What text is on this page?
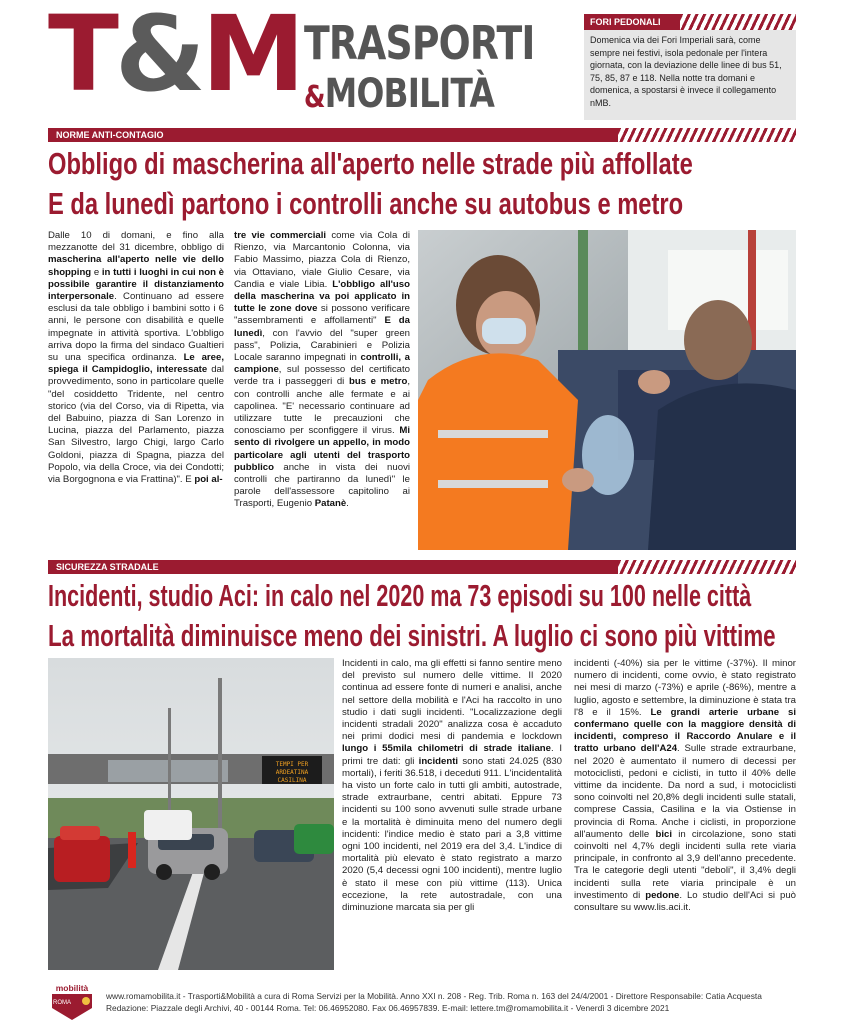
T&M TRASPORTI
&MOBILITÀ
FORI PEDONALI
Domenica via dei Fori Imperiali sarà, come sempre nei festivi, isola pedonale per l'intera giornata, con la deviazione delle linee di bus 51, 75, 85, 87 e 118. Nella notte tra domani e domenica, a spostarsi è invece il collegamento nMB.
NORME ANTI-CONTAGIO
Obbligo di mascherina all'aperto nelle strade più affollate
E da lunedì partono i controlli anche su autobus e metro
Dalle 10 di domani, e fino alla mezzanotte del 31 dicembre, obbligo di mascherina all'aperto nelle vie dello shopping e in tutti i luoghi in cui non è possibile garantire il distanziamento interpersonale. Continuano ad essere esclusi da tale obbligo i bambini sotto i 6 anni, le persone con disabilità e quelle impegnate in attività sportiva. L'obbligo arriva dopo la firma del sindaco Gualtieri su una specifica ordinanza. Le aree, spiega il Campidoglio, interessate dal provvedimento, sono in particolare quelle "del cosiddetto Tridente, nel centro storico (via del Corso, via di Ripetta, via del Babuino, piazza di San Lorenzo in Lucina, piazza del Parlamento, piazza San Silvestro, largo Chigi, largo Carlo Goldoni, piazza di Spagna, piazza del Popolo, via della Croce, via dei Condotti; via Borgognona e via Frattina)". E poi al-
tre vie commerciali come via Cola di Rienzo, via Marcantonio Colonna, via Fabio Massimo, piazza Cola di Rienzo, via Ottaviano, viale Giulio Cesare, via Candia e viale Libia. L'obbligo all'uso della mascherina va poi applicato in tutte le zone dove si possono verificare "assembramenti e affollamenti" E da lunedì, con l'avvio del "super green pass", Polizia, Carabinieri e Polizia Locale saranno impegnati in controlli, a campione, sul possesso del certificato verde tra i passeggeri di bus e metro, con controlli anche alle fermate e ai capolinea. "E' necessario continuare ad utilizzare tutte le precauzioni che conosciamo per sconfiggere il virus. Mi sento di rivolgere un appello, in modo particolare agli utenti del trasporto pubblico anche in vista dei nuovi controlli che partiranno da lunedì" le parole dell'assessore capitolino ai Trasporti, Eugenio Patanè.
SICUREZZA STRADALE
Incidenti, studio Aci: in calo nel 2020 ma 73 episodi su 100 nelle città
La mortalità diminuisce meno dei sinistri. A luglio ci sono più vittime
TEMPI PER
ARDEATINA
CASILINA
Incidenti in calo, ma gli effetti si fanno sentire meno del previsto sul numero delle vittime. Il 2020 continua ad essere fonte di numeri e analisi, anche nel settore della mobilità e l'Aci ha raccolto in uno studio i dati sugli incidenti. "Localizzazione degli incidenti stradali 2020" analizza cosa è accaduto nei primi dodici mesi di pandemia e lockdown lungo i 55mila chilometri di strade italiane. I primi tre dati: gli incidenti sono stati 24.025 (830 mortali), i feriti 36.518, i deceduti 911. L'incidentalità ha visto un forte calo in tutti gli ambiti, autostrade, strade extraurbane, centri abitati. Eppure 73 incidenti su 100 sono avvenuti sulle strade urbane e la mortalità è diminuita meno del numero degli incidenti: l'indice medio è stato pari a 3,8 vittime ogni 100 incidenti, nel 2019 era del 3,4. L'indice di mortalità più elevato è stato registrato a marzo 2020 (5,4 decessi ogni 100 incidenti), mentre luglio è stato il mese con più vittime (113). Unica eccezione, la rete autostradale, con una diminuzione marcata sia per gli
incidenti (-40%) sia per le vittime (-37%). Il minor numero di incidenti, come ovvio, è stato registrato nei mesi di marzo (-73%) e aprile (-86%), mentre a luglio, agosto e settembre, la diminuzione è stata tra l'8 e il 15%. Le grandi arterie urbane si confermano quelle con la maggiore densità di incidenti, compreso il Raccordo Anulare e il tratto urbano dell'A24. Sulle strade extraurbane, nel 2020 è aumentato il numero di decessi per motociclisti, pedoni e ciclisti, in tutto il 40% delle vittime da incidente. Da nord a sud, i motociclisti sono coinvolti nel 20,8% degli incidenti sulle statali, comprese Cassia, Casilina e la via Ostiense in provincia di Roma. Anche i ciclisti, in proporzione all'aumento delle bici in circolazione, sono stati coinvolti nel 4,7% degli incidenti sulla rete viaria principale, in confronto al 3,9 dell'anno precedente. Tra le categorie degli utenti "deboli", il 3,4% degli incidenti sulla rete viaria principale è un investimento di pedone. Lo studio dell'Aci si può consultare su www.lis.aci.it.
mobilità
ROMA
www.romamobilita.it - Trasporti&Mobilità a cura di Roma Servizi per la Mobilità. Anno XXI n. 208 - Reg. Trib. Roma n. 163 del 24/4/2001 - Direttore Responsabile: Catia Acquesta
Redazione: Piazzale degli Archivi, 40 - 00144 Roma. Tel: 06.46952080. Fax 06.46957839. E-mail: lettere.tm@romamobilita.it - Venerdì 3 dicembre 2021
